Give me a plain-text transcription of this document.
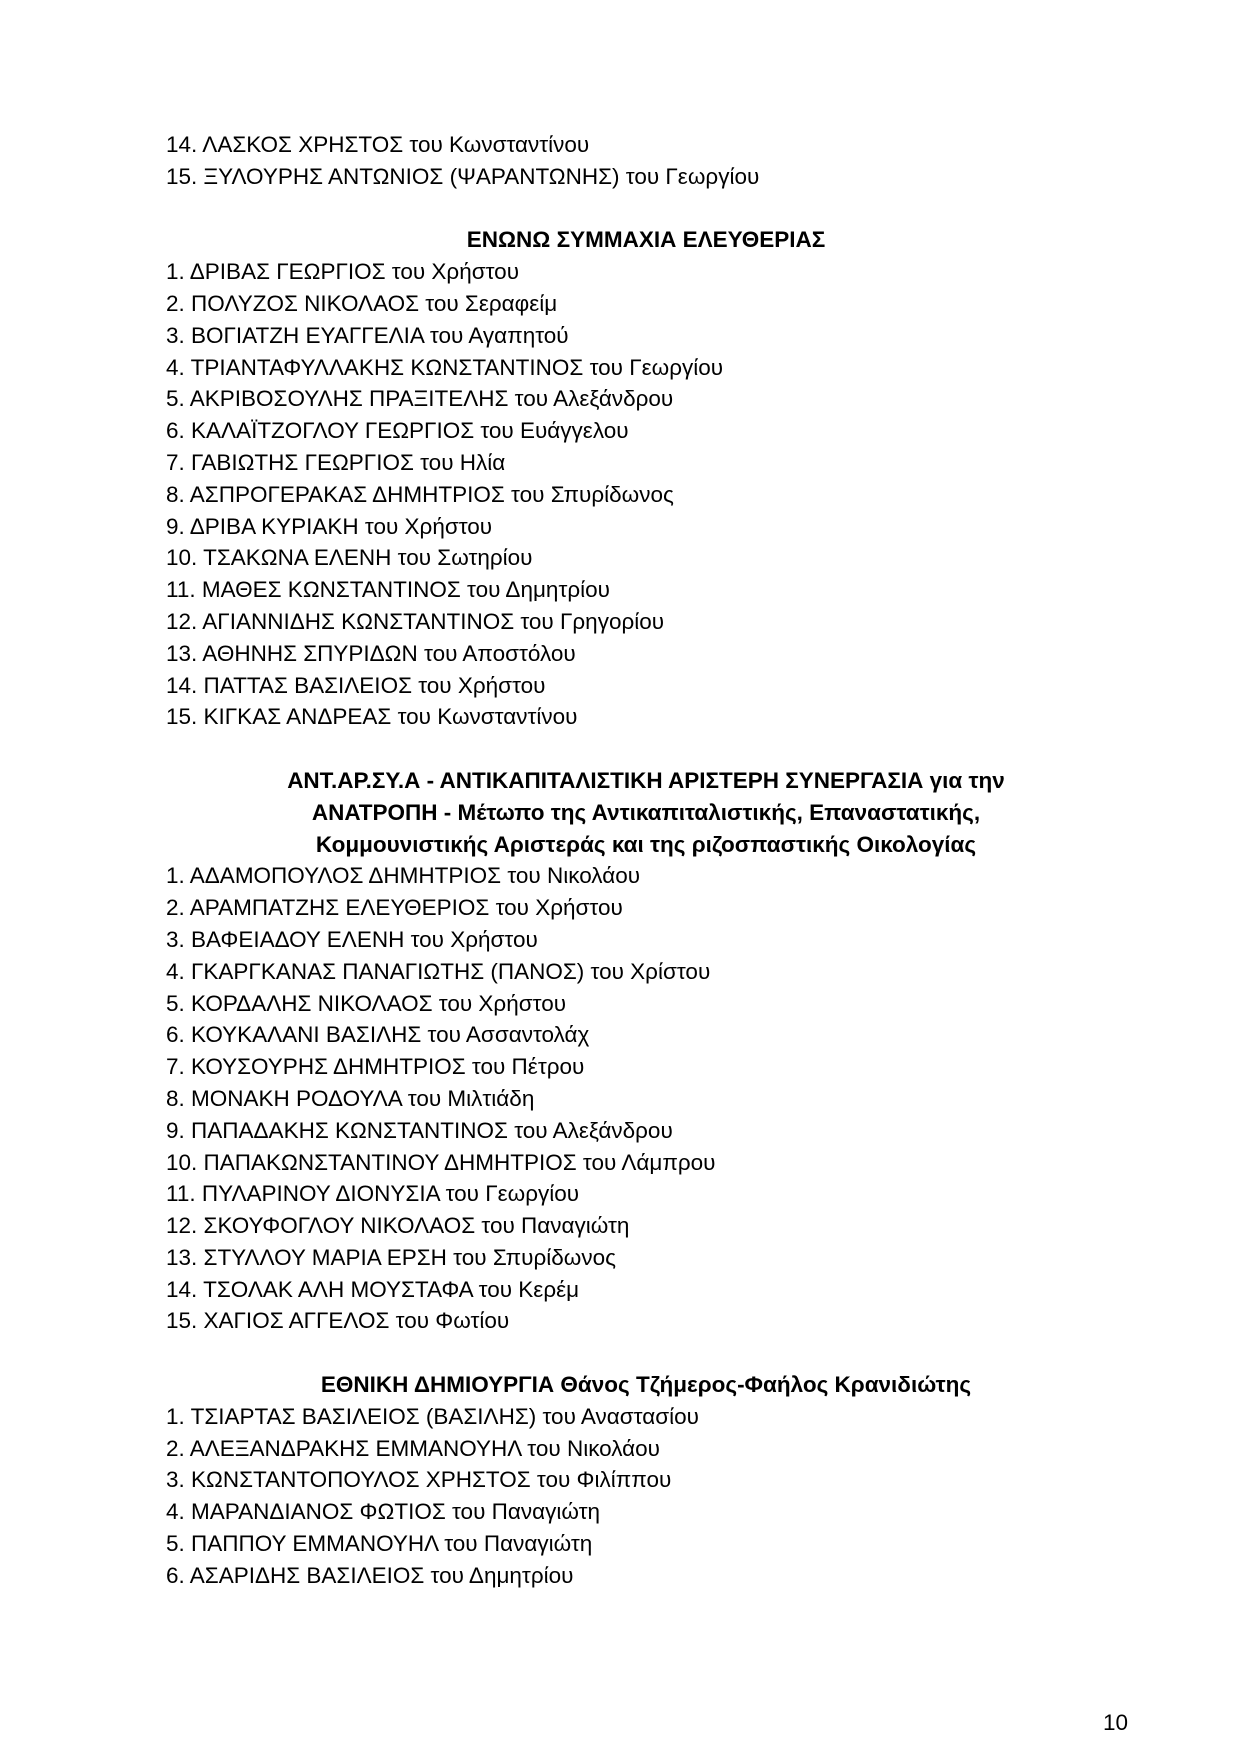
14. ΛΑΣΚΟΣ ΧΡΗΣΤΟΣ του Κωνσταντίνου
15. ΞΥΛΟΥΡΗΣ ΑΝΤΩΝΙΟΣ (ΨΑΡΑΝΤΩΝΗΣ) του Γεωργίου
ΕΝΩΝΩ ΣΥΜΜΑΧΙΑ ΕΛΕΥΘΕΡΙΑΣ
1. ΔΡΙΒΑΣ ΓΕΩΡΓΙΟΣ του Χρήστου
2. ΠΟΛΥΖΟΣ ΝΙΚΟΛΑΟΣ του Σεραφείμ
3. ΒΟΓΙΑΤΖΗ ΕΥΑΓΓΕΛΙΑ του Αγαπητού
4. ΤΡΙΑΝΤΑΦΥΛΛΑΚΗΣ ΚΩΝΣΤΑΝΤΙΝΟΣ του Γεωργίου
5. ΑΚΡΙΒΟΣΟΥΛΗΣ ΠΡΑΞΙΤΕΛΗΣ του Αλεξάνδρου
6. ΚΑΛΑΪΤΖΟΓΛΟΥ ΓΕΩΡΓΙΟΣ του Ευάγγελου
7. ΓΑΒΙΩΤΗΣ ΓΕΩΡΓΙΟΣ του Ηλία
8. ΑΣΠΡΟΓΕΡΑΚΑΣ ΔΗΜΗΤΡΙΟΣ του Σπυρίδωνος
9. ΔΡΙΒΑ ΚΥΡΙΑΚΗ του Χρήστου
10. ΤΣΑΚΩΝΑ ΕΛΕΝΗ του Σωτηρίου
11. ΜΑΘΕΣ ΚΩΝΣΤΑΝΤΙΝΟΣ του Δημητρίου
12. ΑΓΙΑΝΝΙΔΗΣ ΚΩΝΣΤΑΝΤΙΝΟΣ του Γρηγορίου
13. ΑΘΗΝΗΣ ΣΠΥΡΙΔΩΝ του Αποστόλου
14. ΠΑΤΤΑΣ ΒΑΣΙΛΕΙΟΣ του Χρήστου
15. ΚΙΓΚΑΣ ΑΝΔΡΕΑΣ του Κωνσταντίνου
ΑΝΤ.ΑΡ.ΣΥ.Α - ΑΝΤΙΚΑΠΙΤΑΛΙΣΤΙΚΗ ΑΡΙΣΤΕΡΗ ΣΥΝΕΡΓΑΣΙΑ για την
ΑΝΑΤΡΟΠΗ - Μέτωπο της Αντικαπιταλιστικής, Επαναστατικής,
Κομμουνιστικής Αριστεράς και της ριζοσπαστικής Οικολογίας
1. ΑΔΑΜΟΠΟΥΛΟΣ ΔΗΜΗΤΡΙΟΣ του Νικολάου
2. ΑΡΑΜΠΑΤΖΗΣ ΕΛΕΥΘΕΡΙΟΣ του Χρήστου
3. ΒΑΦΕΙΑΔΟΥ ΕΛΕΝΗ του Χρήστου
4. ΓΚΑΡΓΚΑΝΑΣ ΠΑΝΑΓΙΩΤΗΣ (ΠΑΝΟΣ) του Χρίστου
5. ΚΟΡΔΑΛΗΣ ΝΙΚΟΛΑΟΣ του Χρήστου
6. ΚΟΥΚΑΛΑΝΙ ΒΑΣΙΛΗΣ του Ασσαντολάχ
7. ΚΟΥΣΟΥΡΗΣ ΔΗΜΗΤΡΙΟΣ του Πέτρου
8. ΜΟΝΑΚΗ ΡΟΔΟΥΛΑ του Μιλτιάδη
9. ΠΑΠΑΔΑΚΗΣ ΚΩΝΣΤΑΝΤΙΝΟΣ του Αλεξάνδρου
10. ΠΑΠΑΚΩΝΣΤΑΝΤΙΝΟΥ ΔΗΜΗΤΡΙΟΣ του Λάμπρου
11. ΠΥΛΑΡΙΝΟΥ ΔΙΟΝΥΣΙΑ του Γεωργίου
12. ΣΚΟΥΦΟΓΛΟΥ ΝΙΚΟΛΑΟΣ του Παναγιώτη
13. ΣΤΥΛΛΟΥ ΜΑΡΙΑ ΕΡΣΗ του Σπυρίδωνος
14. ΤΣΟΛΑΚ ΑΛΗ ΜΟΥΣΤΑΦΑ του Κερέμ
15. ΧΑΓΙΟΣ ΑΓΓΕΛΟΣ του Φωτίου
ΕΘΝΙΚΗ ΔΗΜΙΟΥΡΓΙΑ Θάνος Τζήμερος-Φαήλος Κρανιδιώτης
1. ΤΣΙΑΡΤΑΣ ΒΑΣΙΛΕΙΟΣ (ΒΑΣΙΛΗΣ) του Αναστασίου
2. ΑΛΕΞΑΝΔΡΑΚΗΣ ΕΜΜΑΝΟΥΗΛ του Νικολάου
3. ΚΩΝΣΤΑΝΤΟΠΟΥΛΟΣ ΧΡΗΣΤΟΣ του Φιλίππου
4. ΜΑΡΑΝΔΙΑΝΟΣ ΦΩΤΙΟΣ του Παναγιώτη
5. ΠΑΠΠΟΥ ΕΜΜΑΝΟΥΗΛ του Παναγιώτη
6. ΑΣΑΡΙΔΗΣ ΒΑΣΙΛΕΙΟΣ του Δημητρίου
10
